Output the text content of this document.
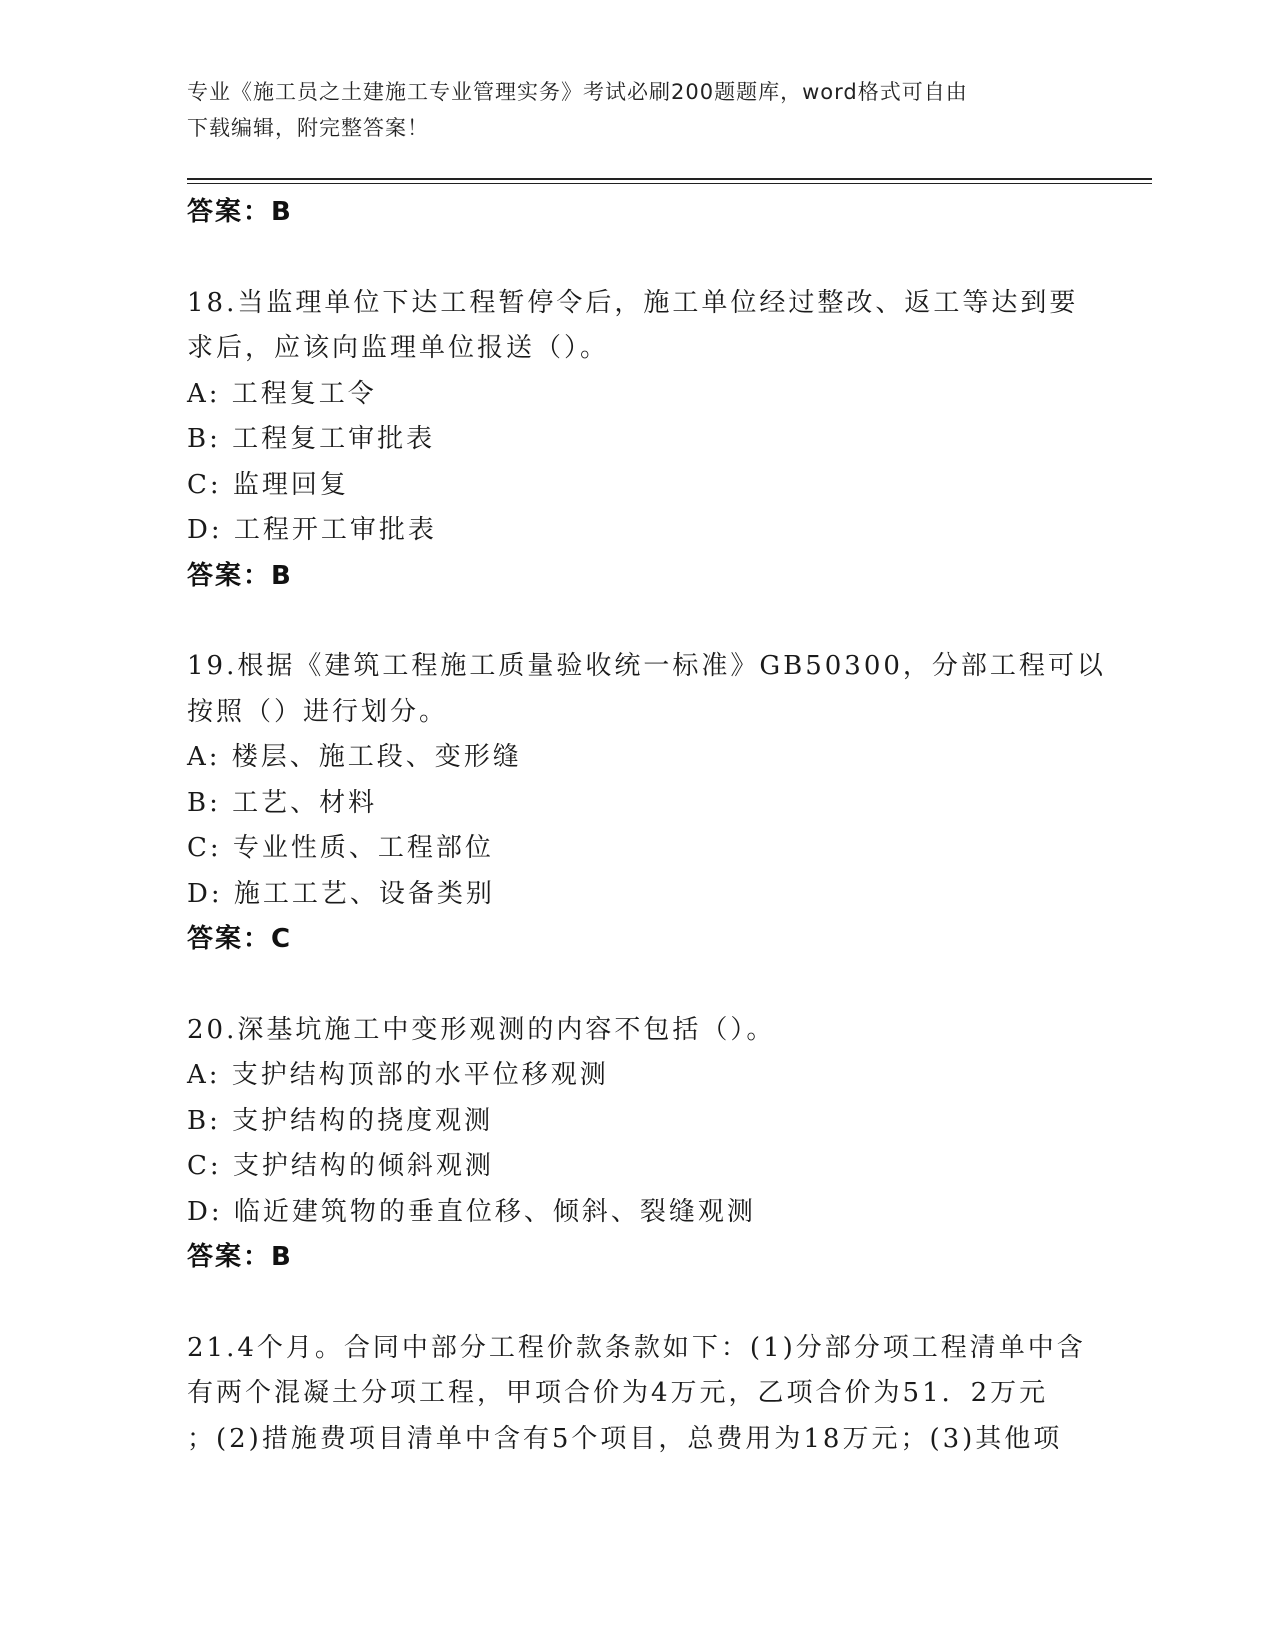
专业《施工员之土建施工专业管理实务》考试必刷200题题库，word格式可自由
下载编辑，附完整答案！
答案：B
18.当监理单位下达工程暂停令后，施工单位经过整改、返工等达到要
求后，应该向监理单位报送（）。
A: 工程复工令
B: 工程复工审批表
C: 监理回复
D: 工程开工审批表
答案：B
19.根据《建筑工程施工质量验收统一标准》GB50300，分部工程可以
按照（）进行划分。
A: 楼层、施工段、变形缝
B: 工艺、材料
C: 专业性质、工程部位
D: 施工工艺、设备类别
答案：C
20.深基坑施工中变形观测的内容不包括（）。
A: 支护结构顶部的水平位移观测
B: 支护结构的挠度观测
C: 支护结构的倾斜观测
D: 临近建筑物的垂直位移、倾斜、裂缝观测
答案：B
21.4个月。合同中部分工程价款条款如下：(1)分部分项工程清单中含
有两个混凝土分项工程，甲项合价为4万元，乙项合价为51．2万元
；(2)措施费项目清单中含有5个项目，总费用为18万元；(3)其他项
